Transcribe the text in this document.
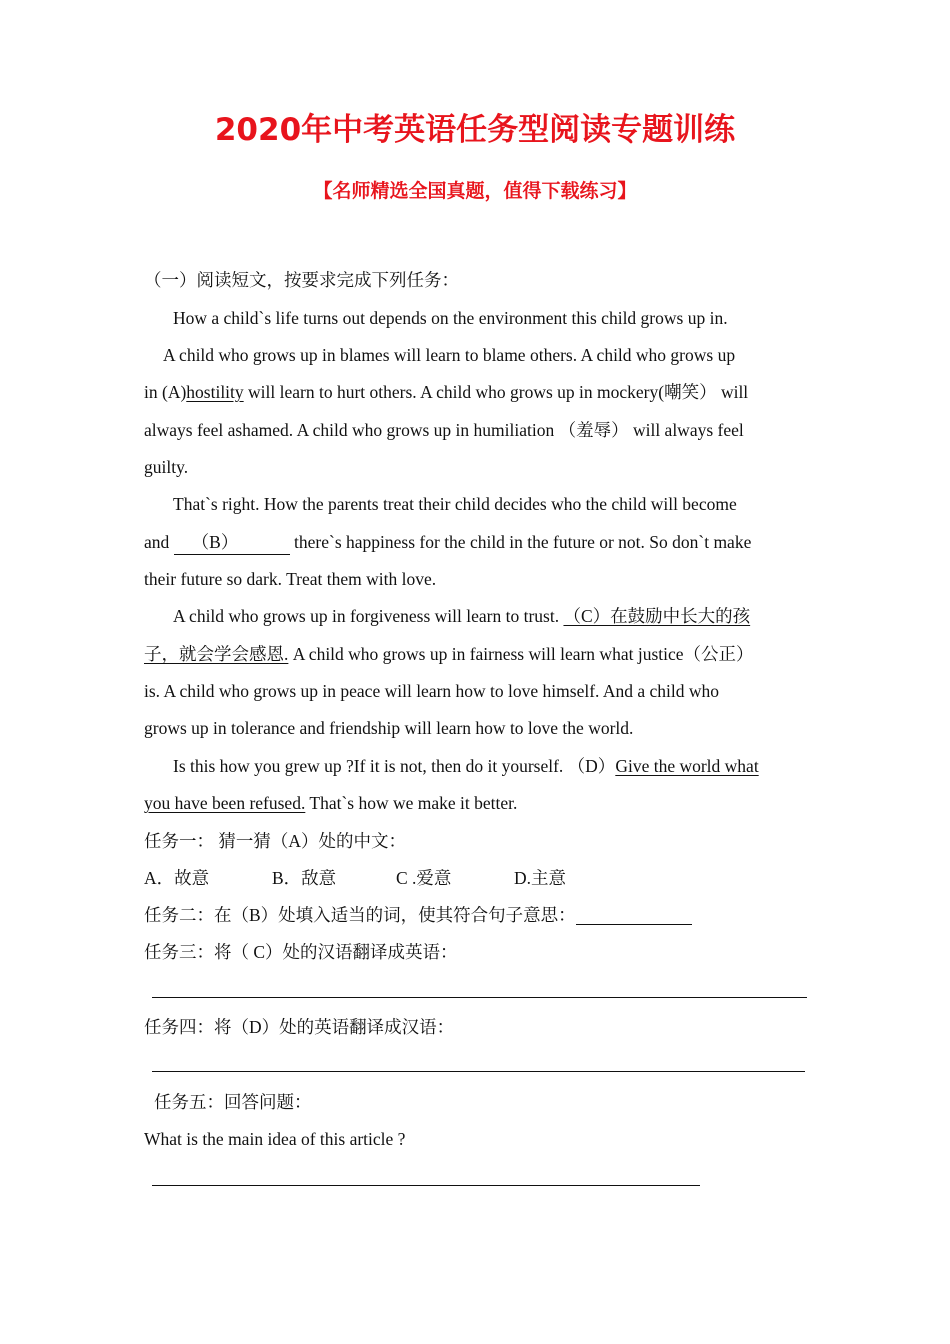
2020年中考英语任务型阅读专题训练
【名师精选全国真题，值得下载练习】
（一）阅读短文，按要求完成下列任务：
How a child`s life turns out depends on the environment this child grows up in.
A child who grows up in blames will learn to blame others. A child who grows up
in (A)hostility will learn to hurt others. A child who grows up in mockery(嘲笑） will
always feel ashamed. A child who grows up in humiliation （羞辱） will always feel
guilty.
That`s right. How the parents treat their child decides who the child will become
and （B）	there`s happiness for the child in the future or not. So don`t make
their future so dark. Treat them with love.
A child who grows up in forgiveness will learn to trust. （C）在鼓励中长大的孩
子，就会学会感恩. A child who grows up in fairness will learn what justice（公正）
is. A child who grows up in peace will learn how to love himself. And a child who
grows up in tolerance and friendship will learn how to love the world.
Is this how you grew up ?If it is not, then do it yourself. （D）Give the world what
you have been refused. That`s how we make it better.
任务一： 猜一猜（A）处的中文：
A．故意	B．敌意	C .爱意	D.主意
任务二：在（B）处填入适当的词，使其符合句子意思：
任务三：将（ C）处的汉语翻译成英语：
任务四：将（D）处的英语翻译成汉语：
任务五：回答问题：
What is the main idea of this article ?
